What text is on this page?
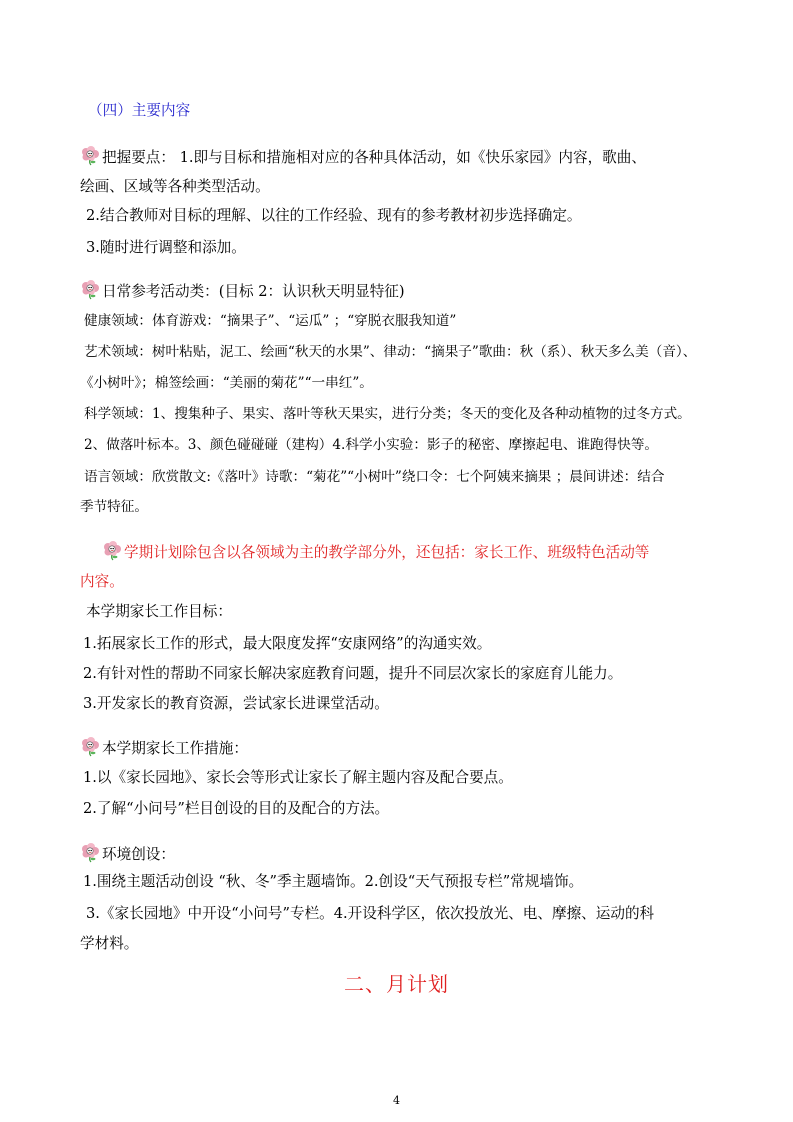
（四）主要内容
把握要点： 1.即与目标和措施相对应的各种具体活动，如《快乐家园》内容，歌曲、
绘画、区域等各种类型活动。
2.结合教师对目标的理解、以往的工作经验、现有的参考教材初步选择确定。
3.随时进行调整和添加。
日常参考活动类：(目标 2：认识秋天明显特征)
健康领域：体育游戏：“摘果子”、“运瓜” ；“穿脱衣服我知道”
艺术领域：树叶粘贴，泥工、绘画“秋天的水果”、律动：“摘果子”歌曲：秋（系）、秋天多么美（音）、
《小树叶》；棉签绘画：“美丽的菊花”“一串红”。
科学领域：1、搜集种子、果实、落叶等秋天果实，进行分类；冬天的变化及各种动植物的过冬方式。
2、做落叶标本。3、颜色碰碰碰（建构）4.科学小实验：影子的秘密、摩擦起电、谁跑得快等。
语言领域：欣赏散文:《落叶》诗歌：“菊花”“小树叶”绕口令：七个阿姨来摘果 ；晨间讲述：结合
季节特征。
学期计划除包含以各领域为主的教学部分外，还包括：家长工作、班级特色活动等
内容。
本学期家长工作目标：
1.拓展家长工作的形式，最大限度发挥“安康网络”的沟通实效。
2.有针对性的帮助不同家长解决家庭教育问题，提升不同层次家长的家庭育儿能力。
3.开发家长的教育资源，尝试家长进课堂活动。
本学期家长工作措施：
1.以《家长园地》、家长会等形式让家长了解主题内容及配合要点。
2.了解“小问号”栏目创设的目的及配合的方法。
环境创设：
1.围绕主题活动创设 “秋、冬”季主题墙饰。2.创设“天气预报专栏”常规墙饰。
3.《家长园地》中开设“小问号”专栏。4.开设科学区，依次投放光、电、摩擦、运动的科
学材料。
二、月计划
4
